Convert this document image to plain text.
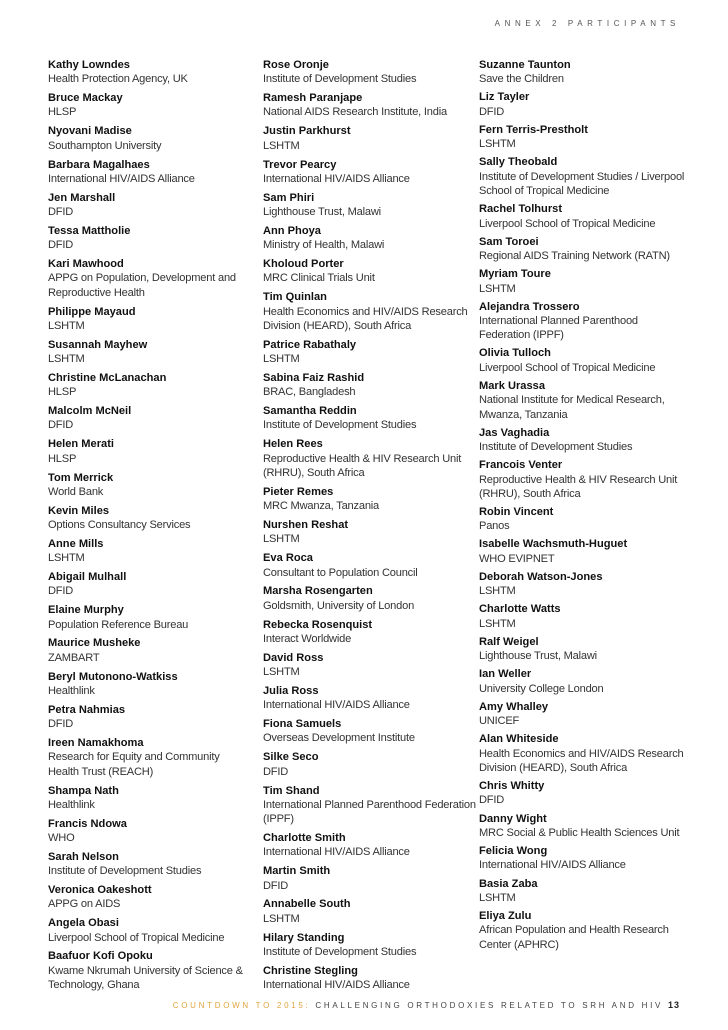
ANNEX 2 PARTICIPANTS
Kathy Lowndes
Health Protection Agency, UK
Bruce Mackay
HLSP
Nyovani Madise
Southampton University
Barbara Magalhaes
International HIV/AIDS Alliance
Jen Marshall
DFID
Tessa Mattholie
DFID
Kari Mawhood
APPG on Population, Development and Reproductive Health
Philippe Mayaud
LSHTM
Susannah Mayhew
LSHTM
Christine McLanachan
HLSP
Malcolm McNeil
DFID
Helen Merati
HLSP
Tom Merrick
World Bank
Kevin Miles
Options Consultancy Services
Anne Mills
LSHTM
Abigail Mulhall
DFID
Elaine Murphy
Population Reference Bureau
Maurice Musheke
ZAMBART
Beryl Mutonono-Watkiss
Healthlink
Petra Nahmias
DFID
Ireen Namakhoma
Research for Equity and Community Health Trust (REACH)
Shampa Nath
Healthlink
Francis Ndowa
WHO
Sarah Nelson
Institute of Development Studies
Veronica Oakeshott
APPG on AIDS
Angela Obasi
Liverpool School of Tropical Medicine
Baafuor Kofi Opoku
Kwame Nkrumah University of Science & Technology, Ghana
Rose Oronje
Institute of Development Studies
Ramesh Paranjape
National AIDS Research Institute, India
Justin Parkhurst
LSHTM
Trevor Pearcy
International HIV/AIDS Alliance
Sam Phiri
Lighthouse Trust, Malawi
Ann Phoya
Ministry of Health, Malawi
Kholoud Porter
MRC Clinical Trials Unit
Tim Quinlan
Health Economics and HIV/AIDS Research Division (HEARD), South Africa
Patrice Rabathaly
LSHTM
Sabina Faiz Rashid
BRAC, Bangladesh
Samantha Reddin
Institute of Development Studies
Helen Rees
Reproductive Health & HIV Research Unit (RHRU), South Africa
Pieter Remes
MRC Mwanza, Tanzania
Nurshen Reshat
LSHTM
Eva Roca
Consultant to Population Council
Marsha Rosengarten
Goldsmith, University of London
Rebecka Rosenquist
Interact Worldwide
David Ross
LSHTM
Julia Ross
International HIV/AIDS Alliance
Fiona Samuels
Overseas Development Institute
Silke Seco
DFID
Tim Shand
International Planned Parenthood Federation (IPPF)
Charlotte Smith
International HIV/AIDS Alliance
Martin Smith
DFID
Annabelle South
LSHTM
Hilary Standing
Institute of Development Studies
Christine Stegling
International HIV/AIDS Alliance
Suzanne Taunton
Save the Children
Liz Tayler
DFID
Fern Terris-Prestholt
LSHTM
Sally Theobald
Institute of Development Studies / Liverpool School of Tropical Medicine
Rachel Tolhurst
Liverpool School of Tropical Medicine
Sam Toroei
Regional AIDS Training Network (RATN)
Myriam Toure
LSHTM
Alejandra Trossero
International Planned Parenthood Federation (IPPF)
Olivia Tulloch
Liverpool School of Tropical Medicine
Mark Urassa
National Institute for Medical Research, Mwanza, Tanzania
Jas Vaghadia
Institute of Development Studies
Francois Venter
Reproductive Health & HIV Research Unit (RHRU), South Africa
Robin Vincent
Panos
Isabelle Wachsmuth-Huguet
WHO EVIPNET
Deborah Watson-Jones
LSHTM
Charlotte Watts
LSHTM
Ralf Weigel
Lighthouse Trust, Malawi
Ian Weller
University College London
Amy Whalley
UNICEF
Alan Whiteside
Health Economics and HIV/AIDS Research Division (HEARD), South Africa
Chris Whitty
DFID
Danny Wight
MRC Social & Public Health Sciences Unit
Felicia Wong
International HIV/AIDS Alliance
Basia Zaba
LSHTM
Eliya Zulu
African Population and Health Research Center (APHRC)
COUNTDOWN TO 2015: CHALLENGING ORTHODOXIES RELATED TO SRH AND HIV 13
